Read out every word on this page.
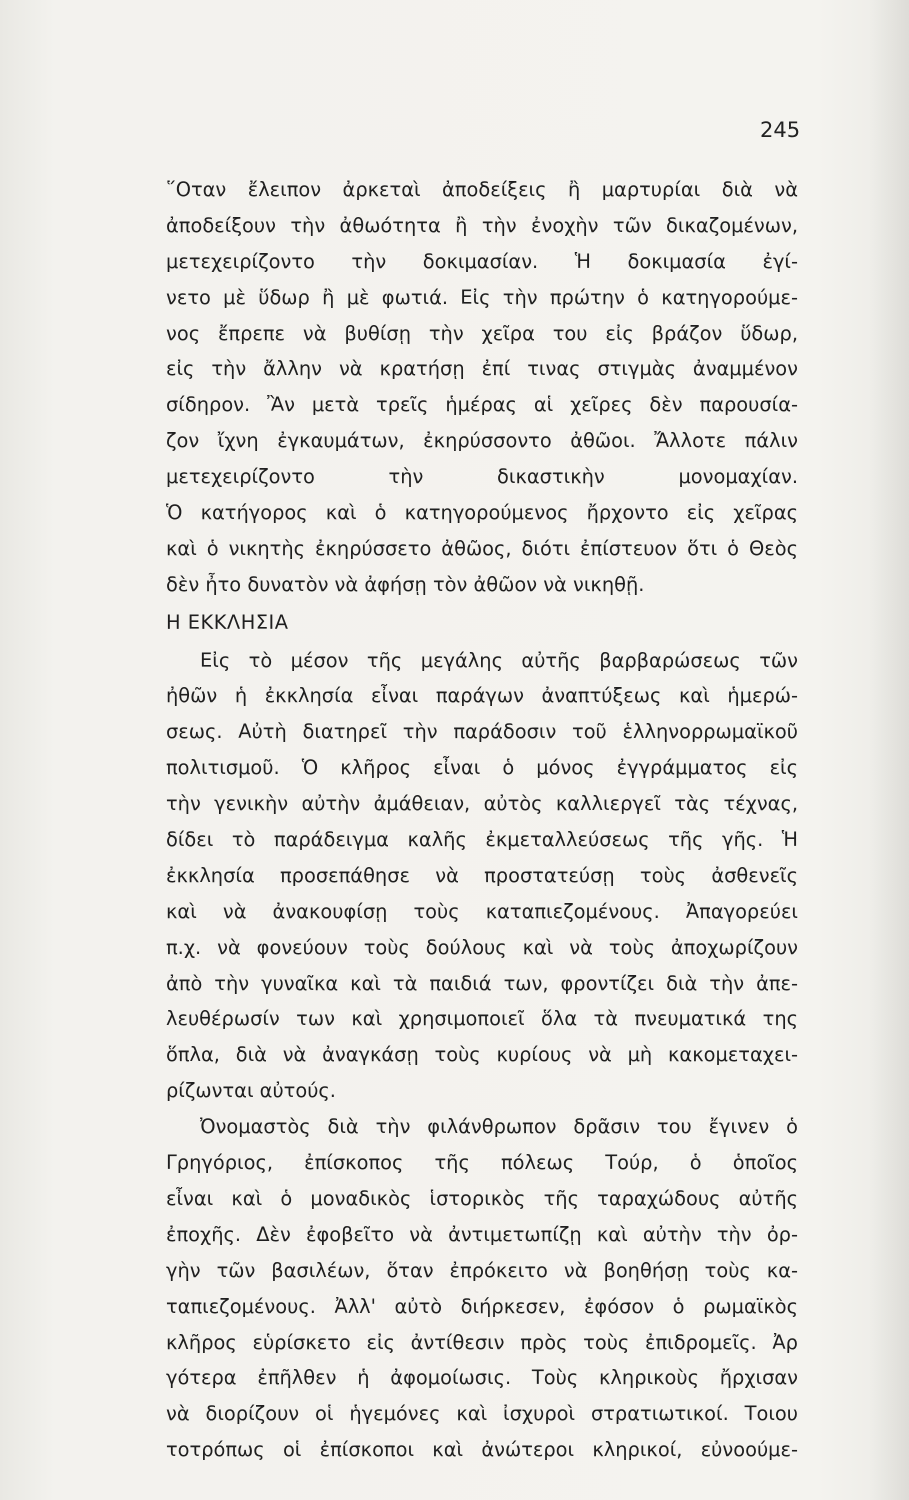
245
῞Οταν ἔλειπον ἀρκεταὶ ἀποδείξεις ἢ μαρτυρίαι διὰ νὰ
ἀποδείξουν τὴν ἀθωότητα ἢ τὴν ἐνοχὴν τῶν δικαζομένων,
μετεχειρίζοντο τὴν δοκιμασίαν. Ἡ δοκιμασία ἐγί-
νετο μὲ ὕδωρ ἢ μὲ φωτιά. Εἰς τὴν πρώτην ὁ κατηγορούμε-
νος ἔπρεπε νὰ βυθίσῃ τὴν χεῖρα του εἰς βράζον ὕδωρ,
εἰς τὴν ἄλλην νὰ κρατήσῃ ἐπί τινας στιγμὰς ἀναμμένον
σίδηρον. Ἂν μετὰ τρεῖς ἡμέρας αἱ χεῖρες δὲν παρουσία-
ζον ἴχνη ἐγκαυμάτων, ἐκηρύσσοντο ἀθῶοι. Ἄλλοτε πάλιν
μετεχειρίζοντο τὴν δικαστικὴν μονομαχίαν.
Ὁ κατήγορος καὶ ὁ κατηγορούμενος ἤρχοντο εἰς χεῖρας
καὶ ὁ νικητὴς ἐκηρύσσετο ἀθῶος, διότι ἐπίστευον ὅτι ὁ Θεὸς
δὲν ἦτο δυνατὸν νὰ ἀφήσῃ τὸν ἀθῶον νὰ νικηθῇ.
Η ΕΚΚΛΗΣΙΑ
Εἰς τὸ μέσον τῆς μεγάλης αὐτῆς βαρβαρώσεως τῶν
ἠθῶν ἡ ἐκκλησία εἶναι παράγων ἀναπτύξεως καὶ ἡμερώ-
σεως. Αὐτὴ διατηρεῖ τὴν παράδοσιν τοῦ ἑλληνορρωμαϊκοῦ
πολιτισμοῦ. Ὁ κλῆρος εἶναι ὁ μόνος ἐγγράμματος εἰς
τὴν γενικὴν αὐτὴν ἀμάθειαν, αὐτὸς καλλιεργεῖ τὰς τέχνας,
δίδει τὸ παράδειγμα καλῆς ἐκμεταλλεύσεως τῆς γῆς. Ἡ
ἐκκλησία προσεπάθησε νὰ προστατεύσῃ τοὺς ἀσθενεῖς
καὶ νὰ ἀνακουφίσῃ τοὺς καταπιεζομένους. Ἀπαγορεύει
π.χ. νὰ φονεύουν τοὺς δούλους καὶ νὰ τοὺς ἀποχωρίζουν
ἀπὸ τὴν γυναῖκα καὶ τὰ παιδιά των, φροντίζει διὰ τὴν ἀπε-
λευθέρωσίν των καὶ χρησιμοποιεῖ ὅλα τὰ πνευματικά της
ὅπλα, διὰ νὰ ἀναγκάσῃ τοὺς κυρίους νὰ μὴ κακομεταχει-
ρίζωνται αὐτούς.
Ὀνομαστὸς διὰ τὴν φιλάνθρωπον δρᾶσιν του ἔγινεν ὁ
Γρηγόριος, ἐπίσκοπος τῆς πόλεως Τούρ, ὁ ὁποῖος
εἶναι καὶ ὁ μοναδικὸς ἱστορικὸς τῆς ταραχώδους αὐτῆς
ἐποχῆς. Δὲν ἐφοβεῖτο νὰ ἀντιμετωπίζῃ καὶ αὐτὴν τὴν ὀρ-
γὴν τῶν βασιλέων, ὅταν ἐπρόκειτο νὰ βοηθήσῃ τοὺς κα-
ταπιεζομένους. Ἀλλ' αὐτὸ διήρκεσεν, ἐφόσον ὁ ρωμαϊκὸς
κλῆρος εὑρίσκετο εἰς ἀντίθεσιν πρὸς τοὺς ἐπιδρομεῖς. Ἀρ
γότερα ἐπῆλθεν ἡ ἀφομοίωσις. Τοὺς κληρικοὺς ἤρχισαν
νὰ διορίζουν οἱ ἡγεμόνες καὶ ἰσχυροὶ στρατιωτικοί. Τοιου
τοτρόπως οἱ ἐπίσκοποι καὶ ἀνώτεροι κληρικοί, εὐνοούμε-
